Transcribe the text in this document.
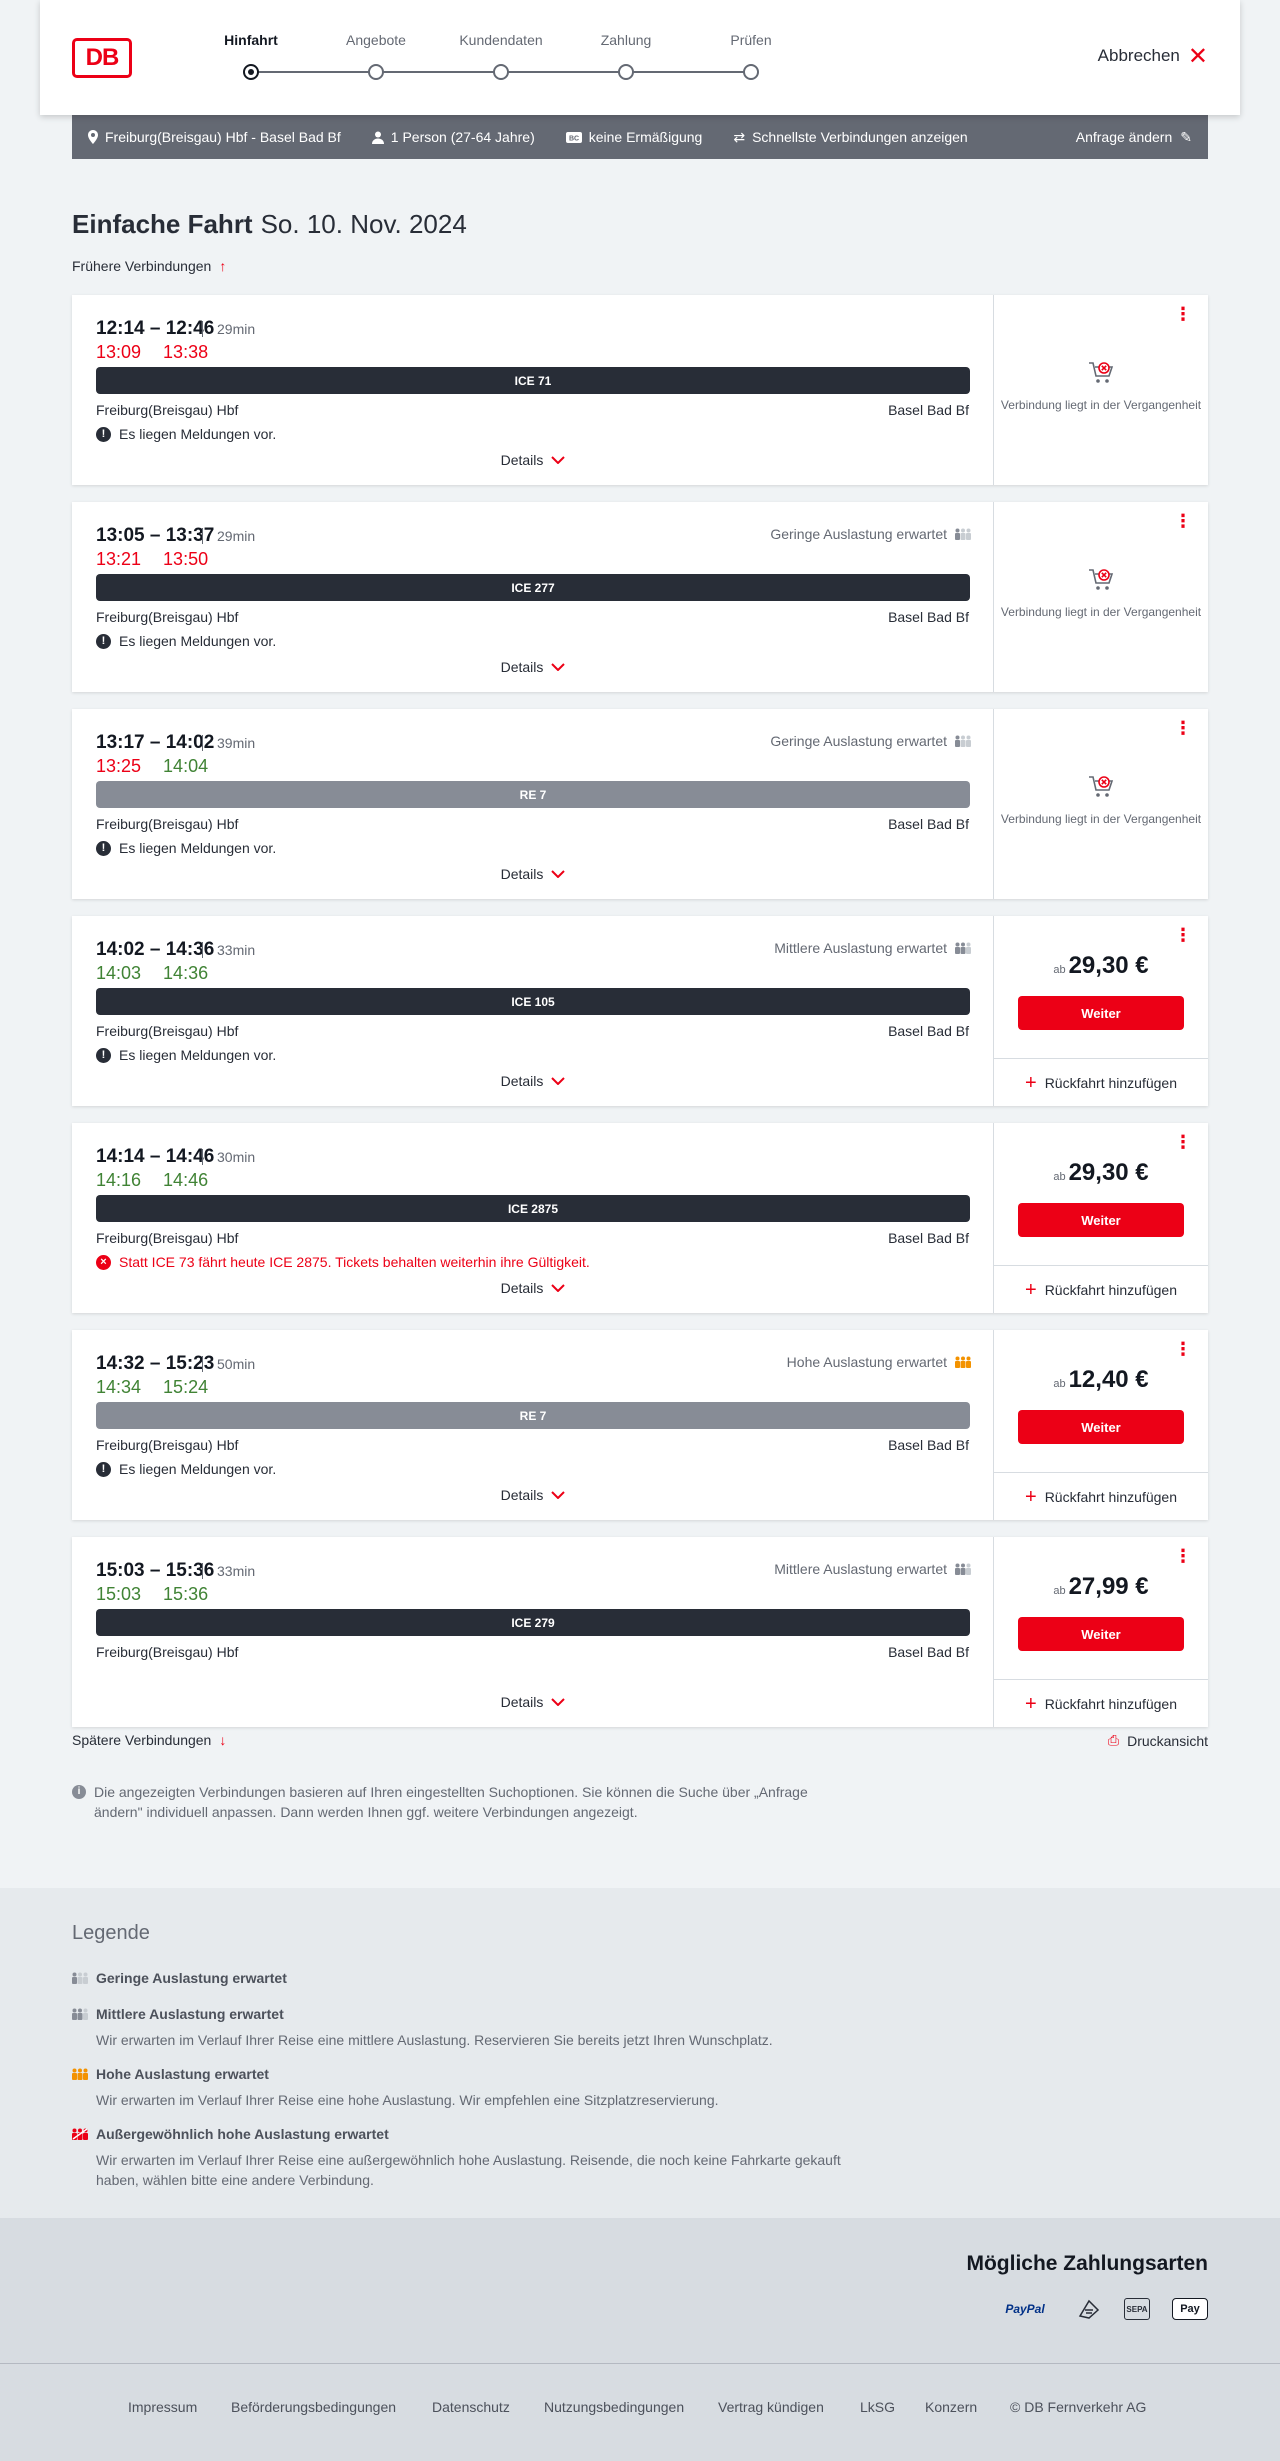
DB
Hinfahrt	Angebote	Kundendaten	Zahlung	Prüfen
Abbrechen ✕
Freiburg(Breisgau) Hbf - Basel Bad Bf	1 Person (27-64 Jahre)	BC keine Ermäßigung ⇄ Schnellste Verbindungen anzeigen	Anfrage ändern ✎
Einfache Fahrt So. 10. Nov. 2024
Frühere Verbindungen ↑
12:14 – 12:46 29min
13:09 13:38
ICE 71
Freiburg(Breisgau) Hbf	Basel Bad Bf
! Es liegen Meldungen vor.
Details
⋮
Verbindung liegt in der Vergangenheit
13:05 – 13:37 29min
13:21 13:50
Geringe Auslastung erwartet
ICE 277
Freiburg(Breisgau) Hbf	Basel Bad Bf
! Es liegen Meldungen vor.
Details
⋮
Verbindung liegt in der Vergangenheit
13:17 – 14:02 39min
13:25 14:04
Geringe Auslastung erwartet
RE 7
Freiburg(Breisgau) Hbf	Basel Bad Bf
! Es liegen Meldungen vor.
Details
⋮
Verbindung liegt in der Vergangenheit
14:02 – 14:36 33min
14:03 14:36
Mittlere Auslastung erwartet
ICE 105
Freiburg(Breisgau) Hbf	Basel Bad Bf
! Es liegen Meldungen vor.
Details
⋮
ab 29,30 €
Weiter
+ Rückfahrt hinzufügen
14:14 – 14:46 30min
14:16 14:46
ICE 2875
Freiburg(Breisgau) Hbf	Basel Bad Bf
× Statt ICE 73 fährt heute ICE 2875. Tickets behalten weiterhin ihre Gültigkeit.
Details
⋮
ab 29,30 €
Weiter
+ Rückfahrt hinzufügen
14:32 – 15:23 50min
14:34 15:24
Hohe Auslastung erwartet
RE 7
Freiburg(Breisgau) Hbf	Basel Bad Bf
! Es liegen Meldungen vor.
Details
⋮
ab 12,40 €
Weiter
+ Rückfahrt hinzufügen
15:03 – 15:36 33min
15:03 15:36
Mittlere Auslastung erwartet
ICE 279
Freiburg(Breisgau) Hbf	Basel Bad Bf
Details
⋮
ab 27,99 €
Weiter
+ Rückfahrt hinzufügen
Spätere Verbindungen ↓	⎙ Druckansicht
i Die angezeigten Verbindungen basieren auf Ihren eingestellten Suchoptionen. Sie können die Suche über „Anfrage ändern" individuell anpassen. Dann werden Ihnen ggf. weitere Verbindungen angezeigt.
Legende
Geringe Auslastung erwartet
Mittlere Auslastung erwartet
Wir erwarten im Verlauf Ihrer Reise eine mittlere Auslastung. Reservieren Sie bereits jetzt Ihren Wunschplatz.
Hohe Auslastung erwartet
Wir erwarten im Verlauf Ihrer Reise eine hohe Auslastung. Wir empfehlen eine Sitzplatzreservierung.
Außergewöhnlich hohe Auslastung erwartet
Wir erwarten im Verlauf Ihrer Reise eine außergewöhnlich hohe Auslastung. Reisende, die noch keine Fahrkarte gekauft haben, wählen bitte eine andere Verbindung.
Mögliche Zahlungsarten
PayPal	SEPA	Pay
Impressum Beförderungsbedingungen	Datenschutz Nutzungsbedingungen Vertrag kündigen	LkSG Konzern © DB Fernverkehr AG
